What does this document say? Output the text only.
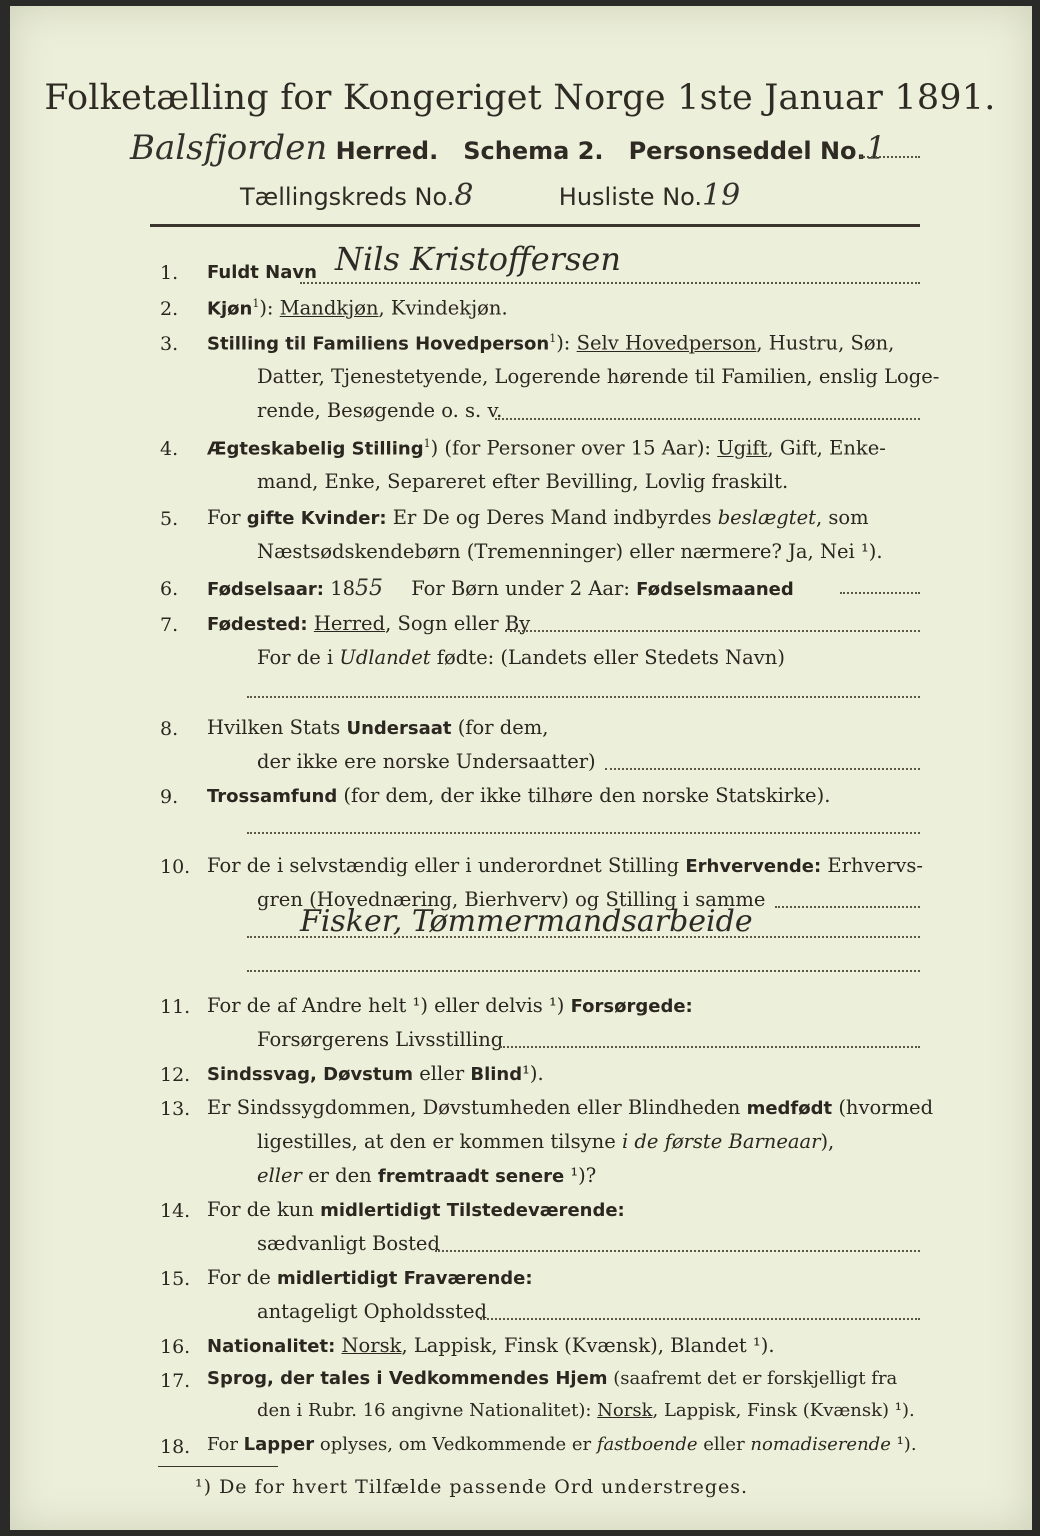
Folketælling for Kongeriget Norge 1ste Januar 1891.
Balsfjorden Herred. Schema 2. Personseddel No.1
Tællingskreds No.8	Husliste No.19
1.	Fuldt Navn Nils Kristoffersen
2.	Kjøn$^1$): Mandkjøn, Kvindekjøn.
3.	Stilling til Familiens Hovedperson$^1$): Selv Hovedperson, Hustru, Søn,
Datter, Tjenestetyende, Logerende hørende til Familien, enslig Loge-
rende, Besøgende o. s. v.
4.	Ægteskabelig Stilling$^1$) (for Personer over 15 Aar): Ugift, Gift, Enke-
mand, Enke, Separeret efter Bevilling, Lovlig fraskilt.
5.	For gifte Kvinder: Er De og Deres Mand indbyrdes beslægtet, som
Næstsødskendebørn (Tremenninger) eller nærmere? Ja, Nei ¹).
6.	Fødselsaar: 1855 For Børn under 2 Aar: Fødselsmaaned
7.	Fødested: Herred, Sogn eller By
For de i Udlandet fødte: (Landets eller Stedets Navn)
8.	Hvilken Stats Undersaat (for dem,
der ikke ere norske Undersaatter)
9.	Trossamfund (for dem, der ikke tilhøre den norske Statskirke).
10. For de i selvstændig eller i underordnet Stilling Erhvervende: Erhvervs-
gren (Hovednæring, Bierhverv) og Stilling i samme
Fisker, Tømmermandsarbeide
11. For de af Andre helt ¹) eller delvis ¹) Forsørgede:
Forsørgerens Livsstilling
12. Sindssvag, Døvstum eller Blind¹).
13. Er Sindssygdommen, Døvstumheden eller Blindheden medfødt (hvormed
ligestilles, at den er kommen tilsyne i de første Barneaar),
eller er den fremtraadt senere ¹)?
14. For de kun midlertidigt Tilstedeværende:
sædvanligt Bosted
15. For de midlertidigt Fraværende:
antageligt Opholdssted
16. Nationalitet: Norsk, Lappisk, Finsk (Kvænsk), Blandet ¹).
17. Sprog, der tales i Vedkommendes Hjem (saafremt det er forskjelligt fra
den i Rubr. 16 angivne Nationalitet): Norsk, Lappisk, Finsk (Kvænsk) ¹).
18. For Lapper oplyses, om Vedkommende er fastboende eller nomadiserende ¹).
¹) De for hvert Tilfælde passende Ord understreges.
